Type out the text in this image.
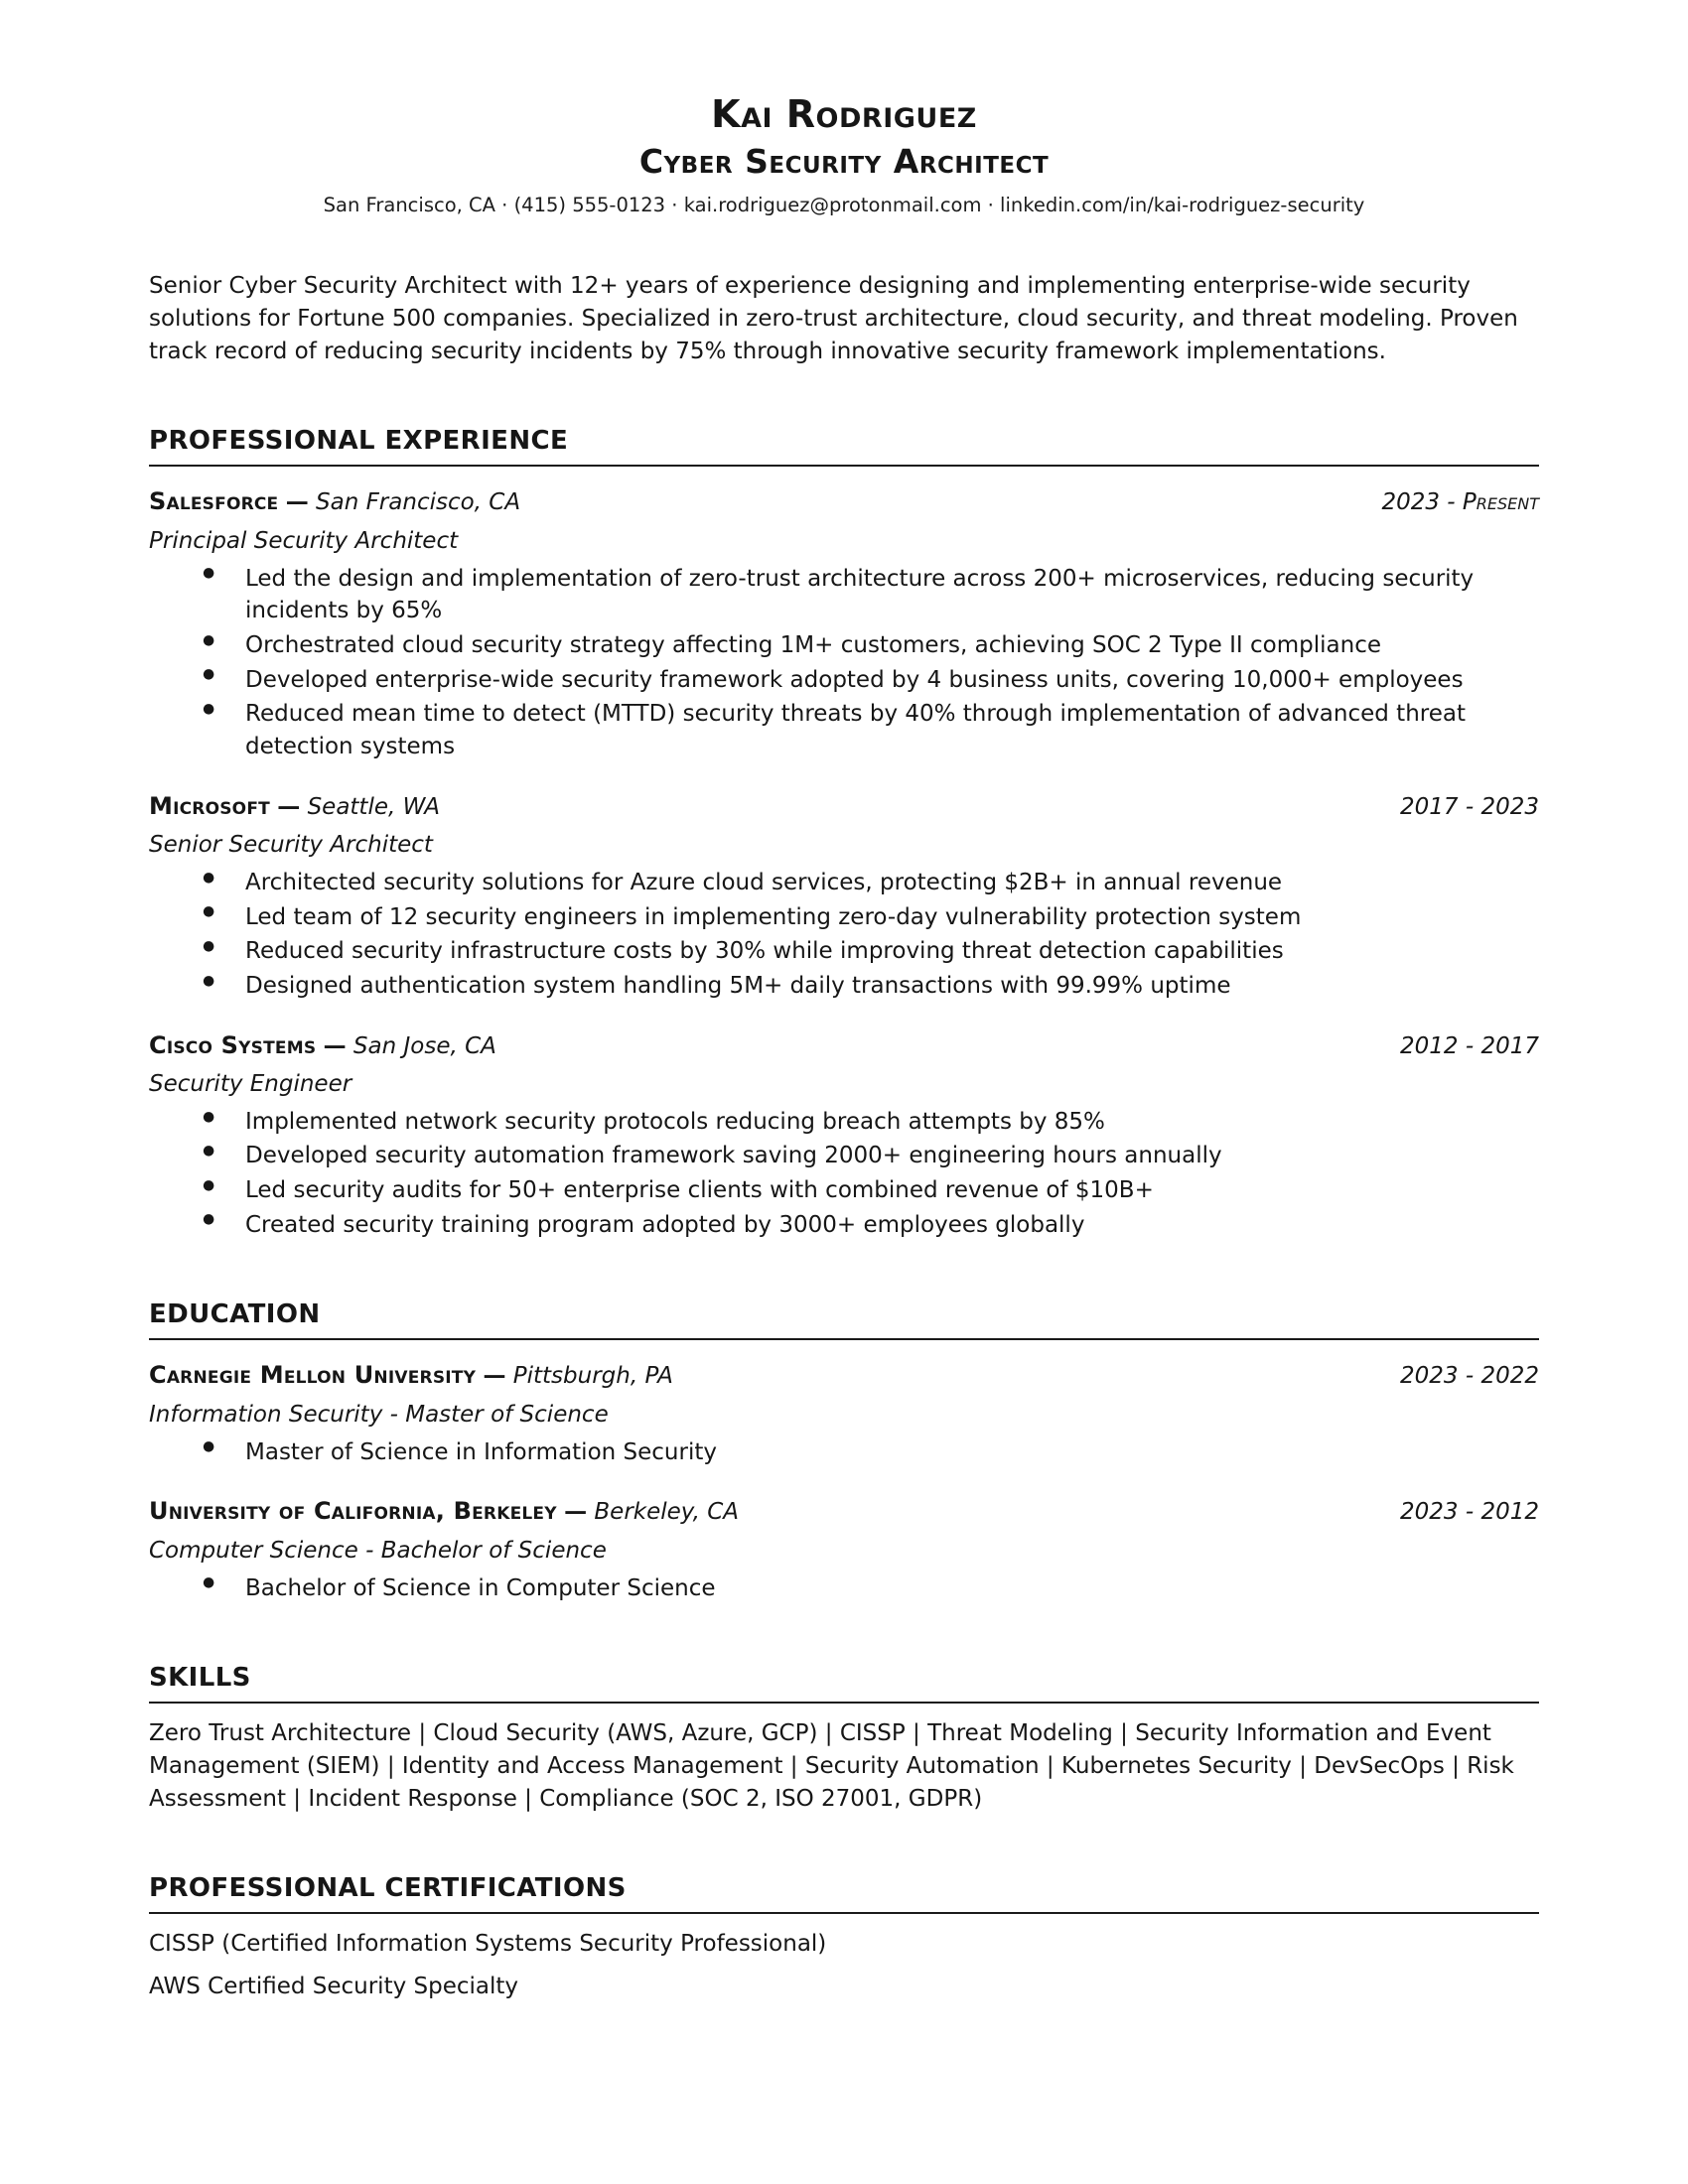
Kai Rodriguez
Cyber Security Architect
San Francisco, CA · (415) 555-0123 · kai.rodriguez@protonmail.com · linkedin.com/in/kai-rodriguez-security

Senior Cyber Security Architect with 12+ years of experience designing and implementing enterprise-wide security solutions for Fortune 500 companies. Specialized in zero-trust architecture, cloud security, and threat modeling. Proven track record of reducing security incidents by 75% through innovative security framework implementations.

PROFESSIONAL EXPERIENCE
Salesforce — San Francisco, CA	2023 - Present
Principal Security Architect
● Led the design and implementation of zero-trust architecture across 200+ microservices, reducing security incidents by 65%
● Orchestrated cloud security strategy affecting 1M+ customers, achieving SOC 2 Type II compliance
● Developed enterprise-wide security framework adopted by 4 business units, covering 10,000+ employees
● Reduced mean time to detect (MTTD) security threats by 40% through implementation of advanced threat detection systems
Microsoft — Seattle, WA	2017 - 2023
Senior Security Architect
● Architected security solutions for Azure cloud services, protecting $2B+ in annual revenue
● Led team of 12 security engineers in implementing zero-day vulnerability protection system
● Reduced security infrastructure costs by 30% while improving threat detection capabilities
● Designed authentication system handling 5M+ daily transactions with 99.99% uptime
Cisco Systems — San Jose, CA	2012 - 2017
Security Engineer
● Implemented network security protocols reducing breach attempts by 85%
● Developed security automation framework saving 2000+ engineering hours annually
● Led security audits for 50+ enterprise clients with combined revenue of $10B+
● Created security training program adopted by 3000+ employees globally
EDUCATION
Carnegie Mellon University — Pittsburgh, PA	2023 - 2022
Information Security - Master of Science
● Master of Science in Information Security
University of California, Berkeley — Berkeley, CA	2023 - 2012
Computer Science - Bachelor of Science
● Bachelor of Science in Computer Science
SKILLS

Zero Trust Architecture | Cloud Security (AWS, Azure, GCP) | CISSP | Threat Modeling | Security Information and Event Management (SIEM) | Identity and Access Management | Security Automation | Kubernetes Security | DevSecOps | Risk Assessment | Incident Response | Compliance (SOC 2, ISO 27001, GDPR)

PROFESSIONAL CERTIFICATIONS

CISSP (Certified Information Systems Security Professional)

AWS Certified Security Specialty
